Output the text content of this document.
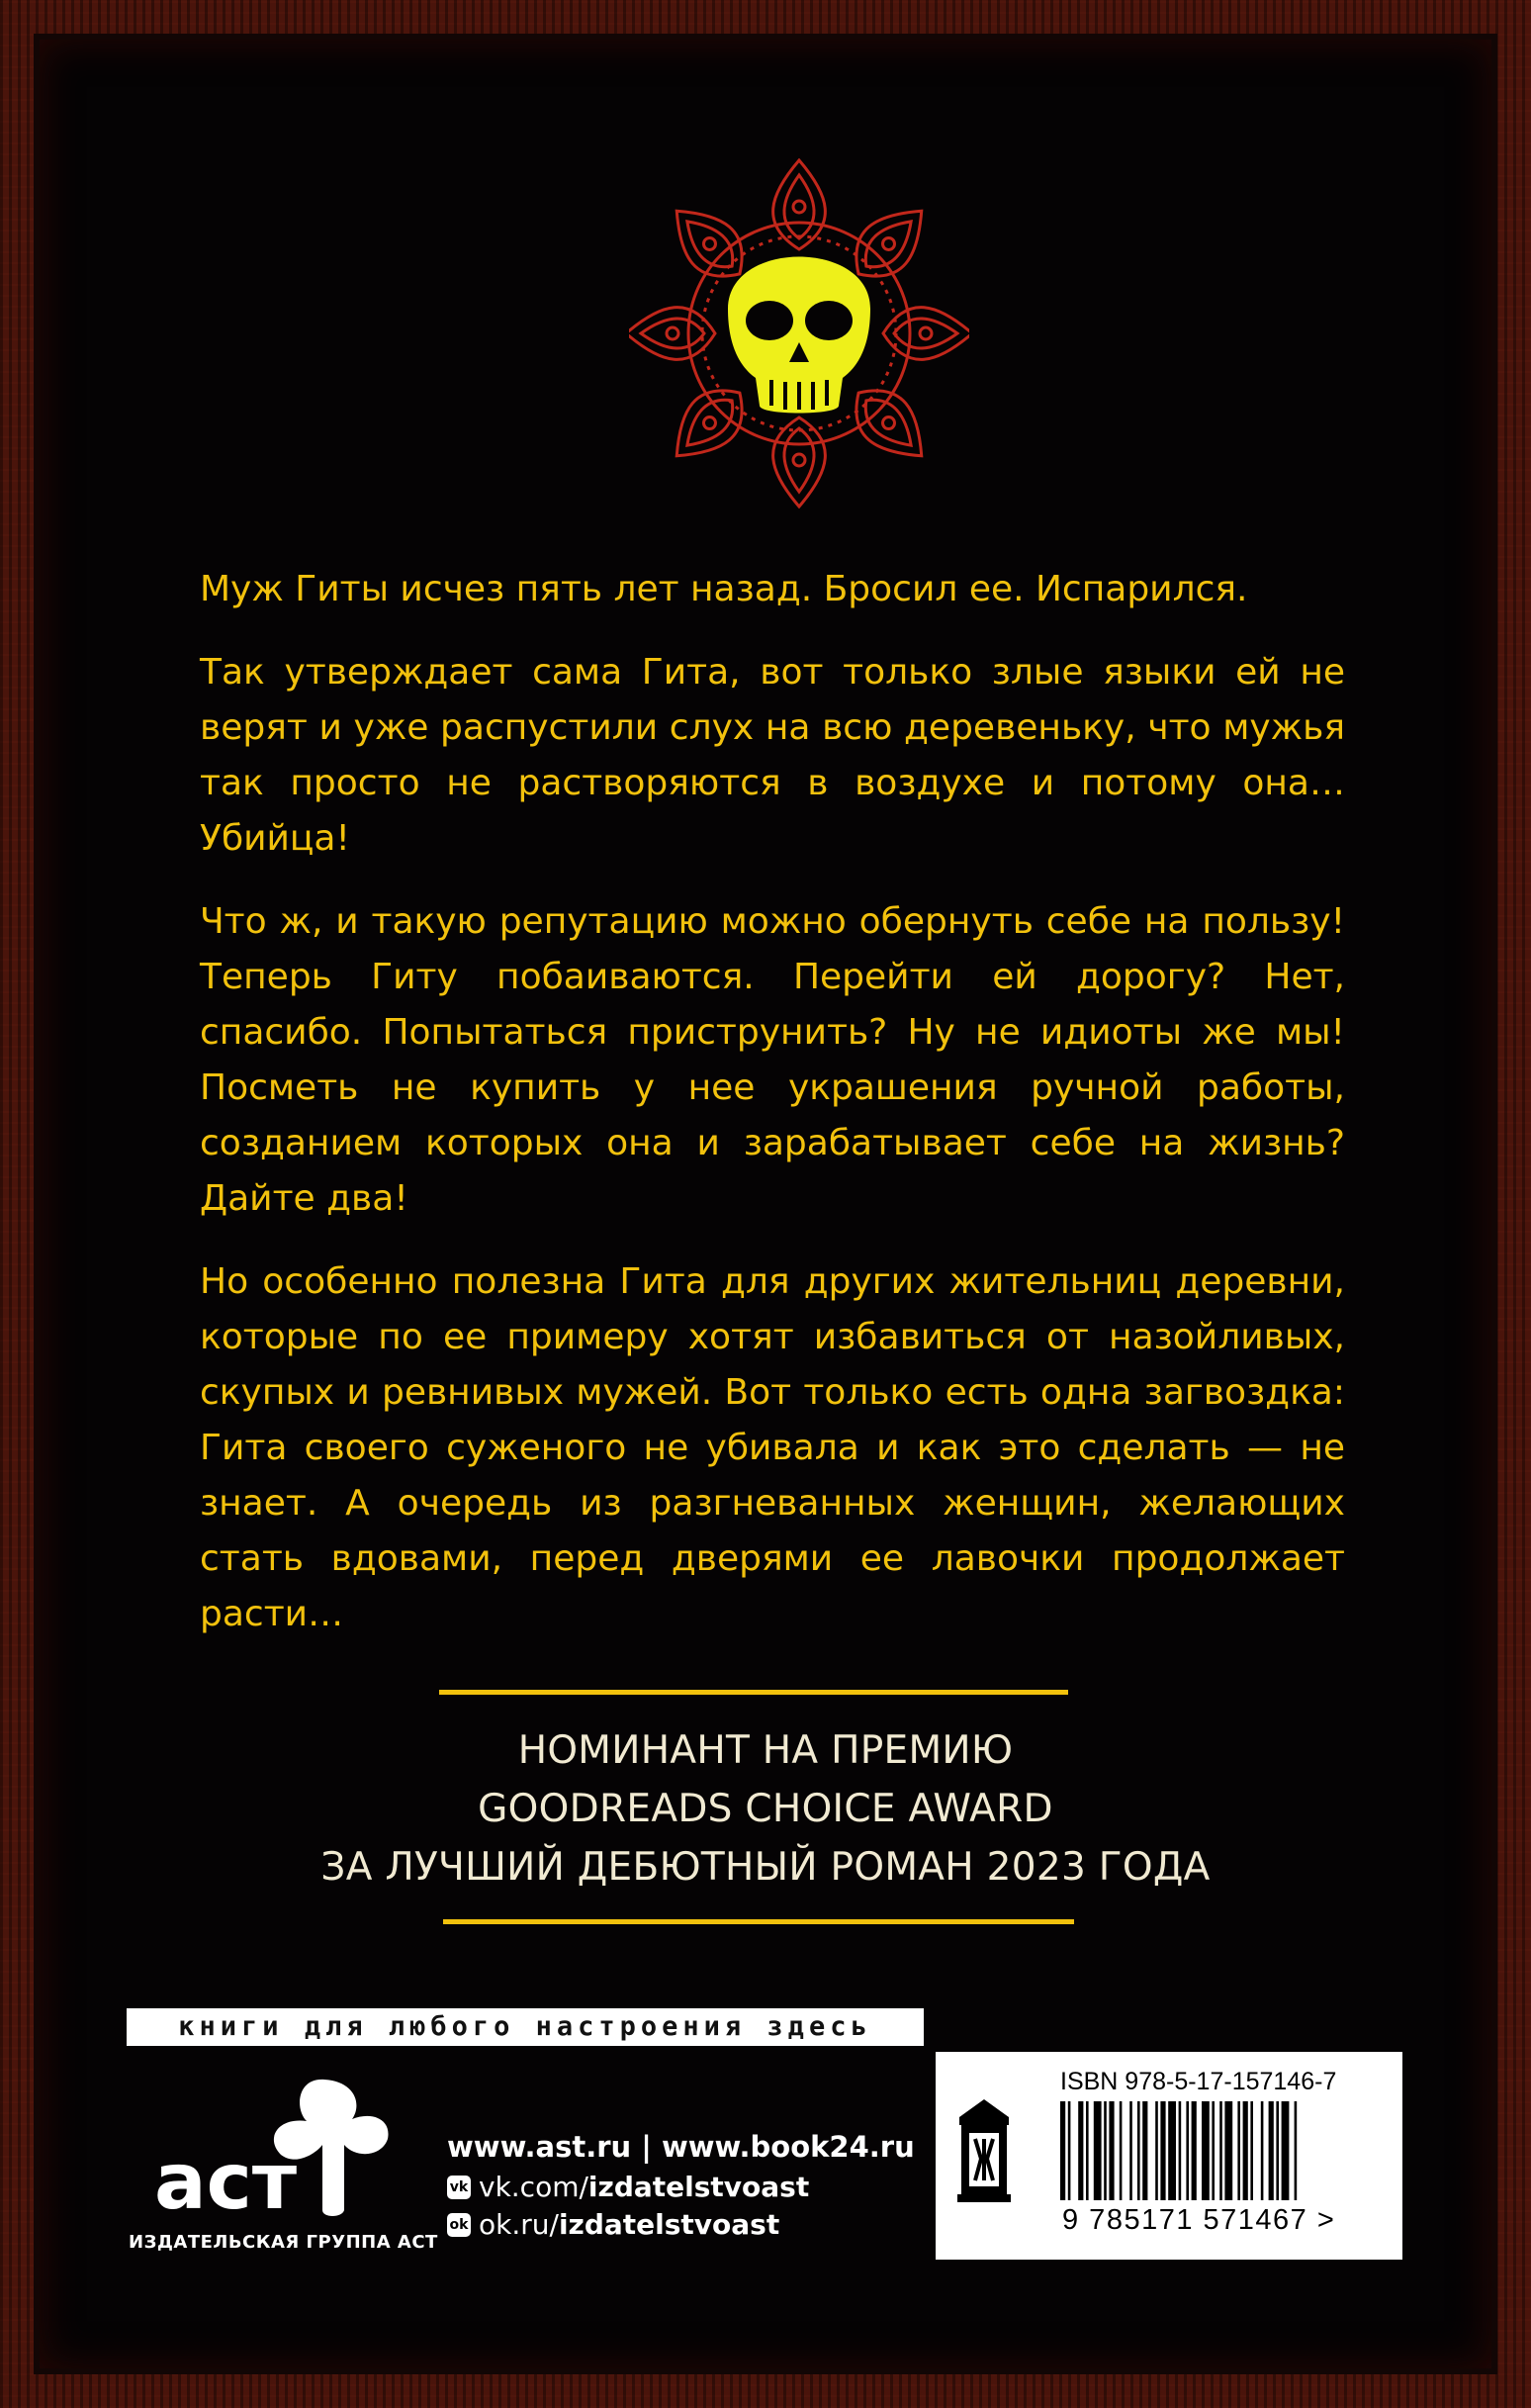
Муж Гиты исчез пять лет назад. Бросил ее. Испарился.

Так утверждает сама Гита, вот только злые языки ей не верят и уже распустили слух на всю деревеньку, что мужья так просто не растворяются в воздухе и потому она… Убийца!

Что ж, и такую репутацию можно обернуть себе на пользу! Теперь Гиту побаиваются. Перейти ей дорогу? Нет, спасибо. Попытаться приструнить? Ну не идиоты же мы! Посметь не купить у нее украшения ручной работы, созданием которых она и зарабатывает себе на жизнь? Дайте два!

Но особенно полезна Гита для других жительниц деревни, которые по ее примеру хотят избавиться от назойливых, скупых и ревнивых мужей. Вот только есть одна загвоздка: Гита своего суженого не убивала и как это сделать — не знает. А очередь из разгневанных женщин, желающих стать вдовами, перед дверями ее лавочки продолжает расти…

НОМИНАНТ НА ПРЕМИЮ
GOODREADS CHOICE AWARD
ЗА ЛУЧШИЙ ДЕБЮТНЫЙ РОМАН 2023 ГОДА
книги для любого настроения здесь
аст
ИЗДАТЕЛЬСКАЯ ГРУППА АСТ
www.ast.ru | www.book24.ru
vk vk.com/ izdatelstvoast
ok ok.ru/ izdatelstvoast
ISBN 978-5-17-157146-7
9 785171 571467 >
